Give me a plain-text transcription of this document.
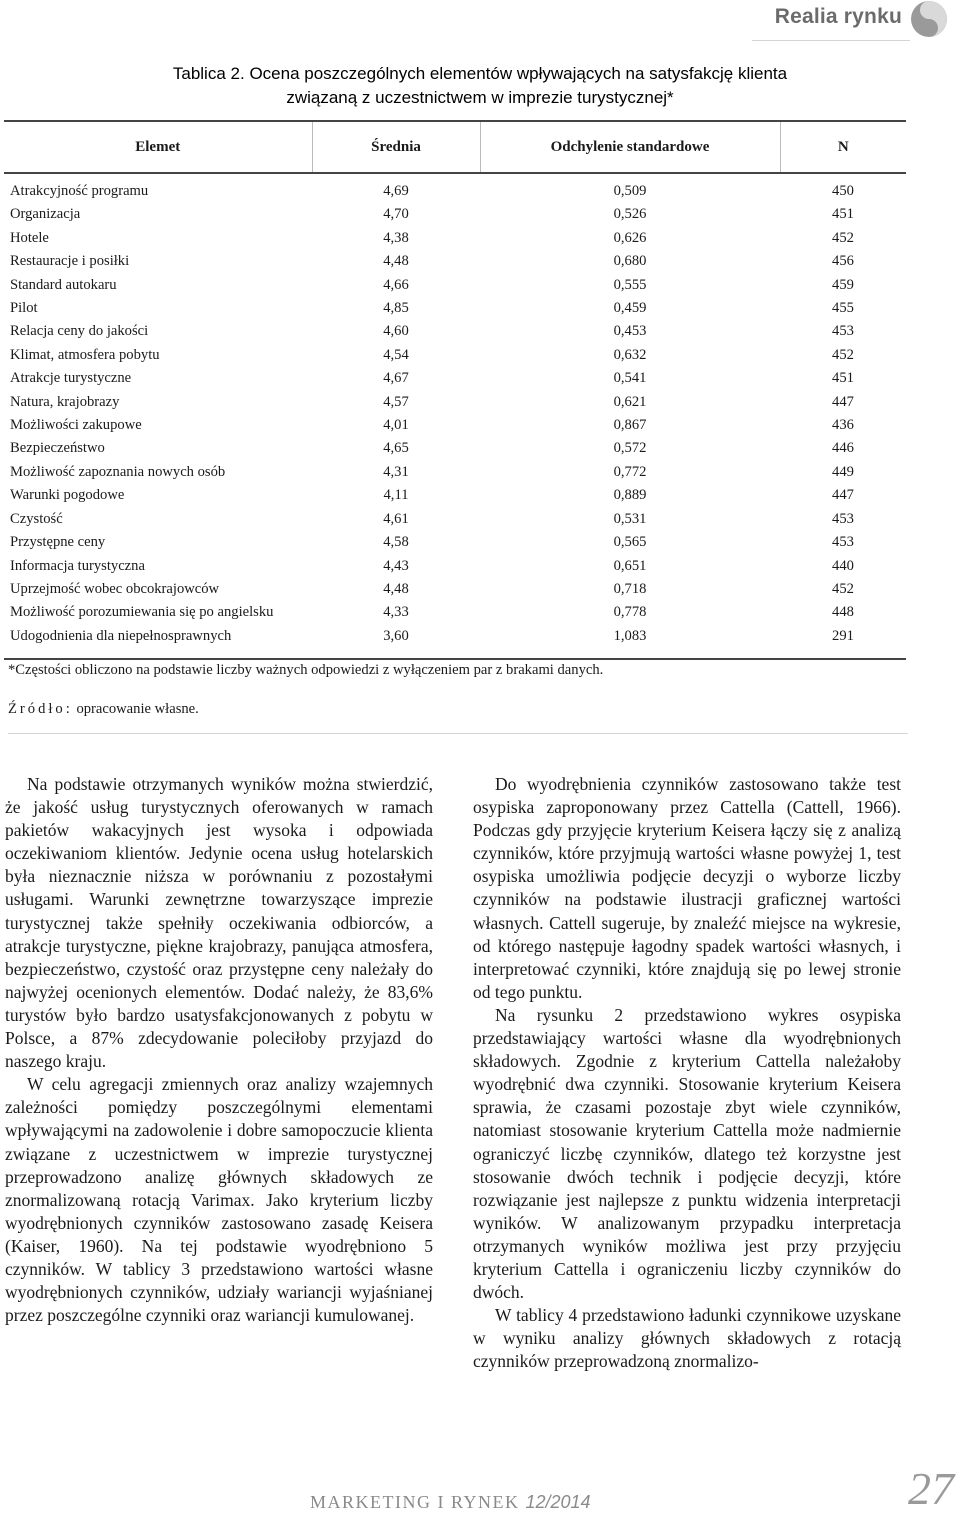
Realia rynku
Tablica 2. Ocena poszczególnych elementów wpływających na satysfakcję klienta
związaną z uczestnictwem w imprezie turystycznej*
Elemet	Średnia	Odchylenie standardowe	N
Atrakcyjność programu	4,69	0,509	450
Organizacja	4,70	0,526	451
Hotele	4,38	0,626	452
Restauracje i posiłki	4,48	0,680	456
Standard autokaru	4,66	0,555	459
Pilot	4,85	0,459	455
Relacja ceny do jakości	4,60	0,453	453
Klimat, atmosfera pobytu	4,54	0,632	452
Atrakcje turystyczne	4,67	0,541	451
Natura, krajobrazy	4,57	0,621	447
Możliwości zakupowe	4,01	0,867	436
Bezpieczeństwo	4,65	0,572	446
Możliwość zapoznania nowych osób	4,31	0,772	449
Warunki pogodowe	4,11	0,889	447
Czystość	4,61	0,531	453
Przystępne ceny	4,58	0,565	453
Informacja turystyczna	4,43	0,651	440
Uprzejmość wobec obcokrajowców	4,48	0,718	452
Możliwość porozumiewania się po angielsku	4,33	0,778	448
Udogodnienia dla niepełnosprawnych	3,60	1,083	291
*Częstości obliczono na podstawie liczby ważnych odpowiedzi z wyłączeniem par z brakami danych.
Źródło: opracowanie własne.

Na podstawie otrzymanych wyników można stwierdzić, że jakość usług turystycznych oferowanych w ramach pakietów wakacyjnych jest wysoka i odpowiada oczekiwaniom klientów. Jedynie ocena usług hotelarskich była nieznacznie niższa w porównaniu z pozostałymi usługami. Warunki zewnętrzne towarzyszące imprezie turystycznej także spełniły oczekiwania odbiorców, a atrakcje turystyczne, piękne krajobrazy, panująca atmosfera, bezpieczeństwo, czystość oraz przystępne ceny należały do najwyżej ocenionych elementów. Dodać należy, że 83,6% turystów było bardzo usatysfakcjonowanych z pobytu w Polsce, a 87% zdecydowanie poleciłoby przyjazd do naszego kraju.

W celu agregacji zmiennych oraz analizy wzajemnych zależności pomiędzy poszczególnymi elementami wpływającymi na zadowolenie i dobre samopoczucie klienta związane z uczestnictwem w imprezie turystycznej przeprowadzono analizę głównych składowych ze znormalizowaną rotacją Varimax. Jako kryterium liczby wyodrębnionych czynników zastosowano zasadę Keisera (Kaiser, 1960). Na tej podstawie wyodrębniono 5 czynników. W tablicy 3 przedstawiono wartości własne wyodrębnionych czynników, udziały wariancji wyjaśnianej przez poszczególne czynniki oraz wariancji kumulowanej.

Do wyodrębnienia czynników zastosowano także test osypiska zaproponowany przez Cattella (Cattell, 1966). Podczas gdy przyjęcie kryterium Keisera łączy się z analizą czynników, które przyjmują wartości własne powyżej 1, test osypiska umożliwia podjęcie decyzji o wyborze liczby czynników na podstawie ilustracji graficznej wartości własnych. Cattell sugeruje, by znaleźć miejsce na wykresie, od którego następuje łagodny spadek wartości własnych, i interpretować czynniki, które znajdują się po lewej stronie od tego punktu.

Na rysunku 2 przedstawiono wykres osypiska przedstawiający wartości własne dla wyodrębnionych składowych. Zgodnie z kryterium Cattella należałoby wyodrębnić dwa czynniki. Stosowanie kryterium Keisera sprawia, że czasami pozostaje zbyt wiele czynników, natomiast stosowanie kryterium Cattella może nadmiernie ograniczyć liczbę czynników, dlatego też korzystne jest stosowanie dwóch technik i podjęcie decyzji, które rozwiązanie jest najlepsze z punktu widzenia interpretacji wyników. W analizowanym przypadku interpretacja otrzymanych wyników możliwa jest przy przyjęciu kryterium Cattella i ograniczeniu liczby czynników do dwóch.

W tablicy 4 przedstawiono ładunki czynnikowe uzyskane w wyniku analizy głównych składowych z rotacją czynników przeprowadzoną znormalizo-

MARKETING I RYNEK 12/2014	27
